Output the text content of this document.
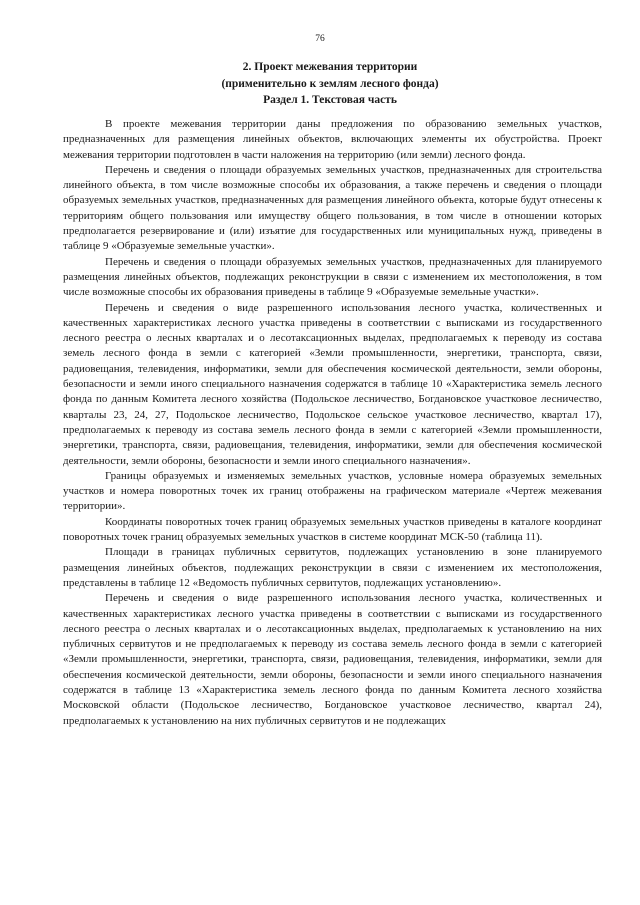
76
2. Проект межевания территории
(применительно к землям лесного фонда)
Раздел 1. Текстовая часть

В проекте межевания территории даны предложения по образованию земельных участков, предназначенных для размещения линейных объектов, включающих элементы их обустройства. Проект межевания территории подготовлен в части наложения на территорию (или земли) лесного фонда.

Перечень и сведения о площади образуемых земельных участков, предназначенных для строительства линейного объекта, в том числе возможные способы их образования, а также перечень и сведения о площади образуемых земельных участков, предназначенных для размещения линейного объекта, которые будут отнесены к территориям общего пользования или имуществу общего пользования, в том числе в отношении которых предполагается резервирование и (или) изъятие для государственных или муниципальных нужд, приведены в таблице 9 «Образуемые земельные участки».

Перечень и сведения о площади образуемых земельных участков, предназначенных для планируемого размещения линейных объектов, подлежащих реконструкции в связи с изменением их местоположения, в том числе возможные способы их образования приведены в таблице 9 «Образуемые земельные участки».

Перечень и сведения о виде разрешенного использования лесного участка, количественных и качественных характеристиках лесного участка приведены в соответствии с выписками из государственного лесного реестра о лесных кварталах и о лесотаксационных выделах, предполагаемых к переводу из состава земель лесного фонда в земли с категорией «Земли промышленности, энергетики, транспорта, связи, радиовещания, телевидения, информатики, земли для обеспечения космической деятельности, земли обороны, безопасности и земли иного специального назначения содержатся в таблице 10 «Характеристика земель лесного фонда по данным Комитета лесного хозяйства (Подольское лесничество, Богдановское участковое лесничество, кварталы 23, 24, 27, Подольское лесничество, Подольское сельское участковое лесничество, квартал 17), предполагаемых к переводу из состава земель лесного фонда в земли с категорией «Земли промышленности, энергетики, транспорта, связи, радиовещания, телевидения, информатики, земли для обеспечения космической деятельности, земли обороны, безопасности и земли иного специального назначения».

Границы образуемых и изменяемых земельных участков, условные номера образуемых земельных участков и номера поворотных точек их границ отображены на графическом материале «Чертеж межевания территории».

Координаты поворотных точек границ образуемых земельных участков приведены в каталоге координат поворотных точек границ образуемых земельных участков в системе координат МСК-50 (таблица 11).

Площади в границах публичных сервитутов, подлежащих установлению в зоне планируемого размещения линейных объектов, подлежащих реконструкции в связи с изменением их местоположения, представлены в таблице 12 «Ведомость публичных сервитутов, подлежащих установлению».

Перечень и сведения о виде разрешенного использования лесного участка, количественных и качественных характеристиках лесного участка приведены в соответствии с выписками из государственного лесного реестра о лесных кварталах и о лесотаксационных выделах, предполагаемых к установлению на них публичных сервитутов и не предполагаемых к переводу из состава земель лесного фонда в земли с категорией «Земли промышленности, энергетики, транспорта, связи, радиовещания, телевидения, информатики, земли для обеспечения космической деятельности, земли обороны, безопасности и земли иного специального назначения содержатся в таблице 13 «Характеристика земель лесного фонда по данным Комитета лесного хозяйства Московской области (Подольское лесничество, Богдановское участковое лесничество, квартал 24), предполагаемых к установлению на них публичных сервитутов и не подлежащих
